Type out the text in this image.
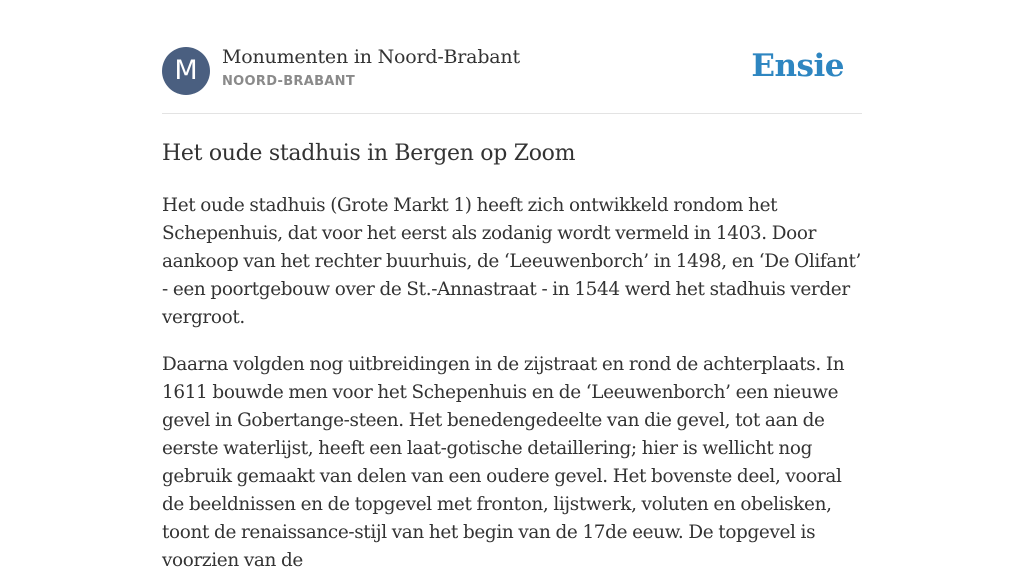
M	Monumenten in Noord-Brabant
NOORD-BRABANT	Ensie
Het oude stadhuis in Bergen op Zoom

Het oude stadhuis (Grote Markt 1) heeft zich ontwikkeld rondom het Schepenhuis, dat voor het eerst als zodanig wordt vermeld in 1403. Door aankoop van het rechter buurhuis, de ‘Leeuwenborch’ in 1498, en ‘De Olifant’ - een poortgebouw over de St.-Annastraat - in 1544 werd het stadhuis verder vergroot.

Daarna volgden nog uitbreidingen in de zijstraat en rond de achterplaats. In 1611 bouwde men voor het Schepenhuis en de ‘Leeuwenborch’ een nieuwe gevel in Gobertange-steen. Het benedengedeelte van die gevel, tot aan de eerste waterlijst, heeft een laat-gotische detaillering; hier is wellicht nog gebruik gemaakt van delen van een oudere gevel. Het bovenste deel, vooral de beeldnissen en de topgevel met fronton, lijstwerk, voluten en obelisken, toont de renaissance-stijl van het begin van de 17de eeuw. De topgevel is voorzien van de
